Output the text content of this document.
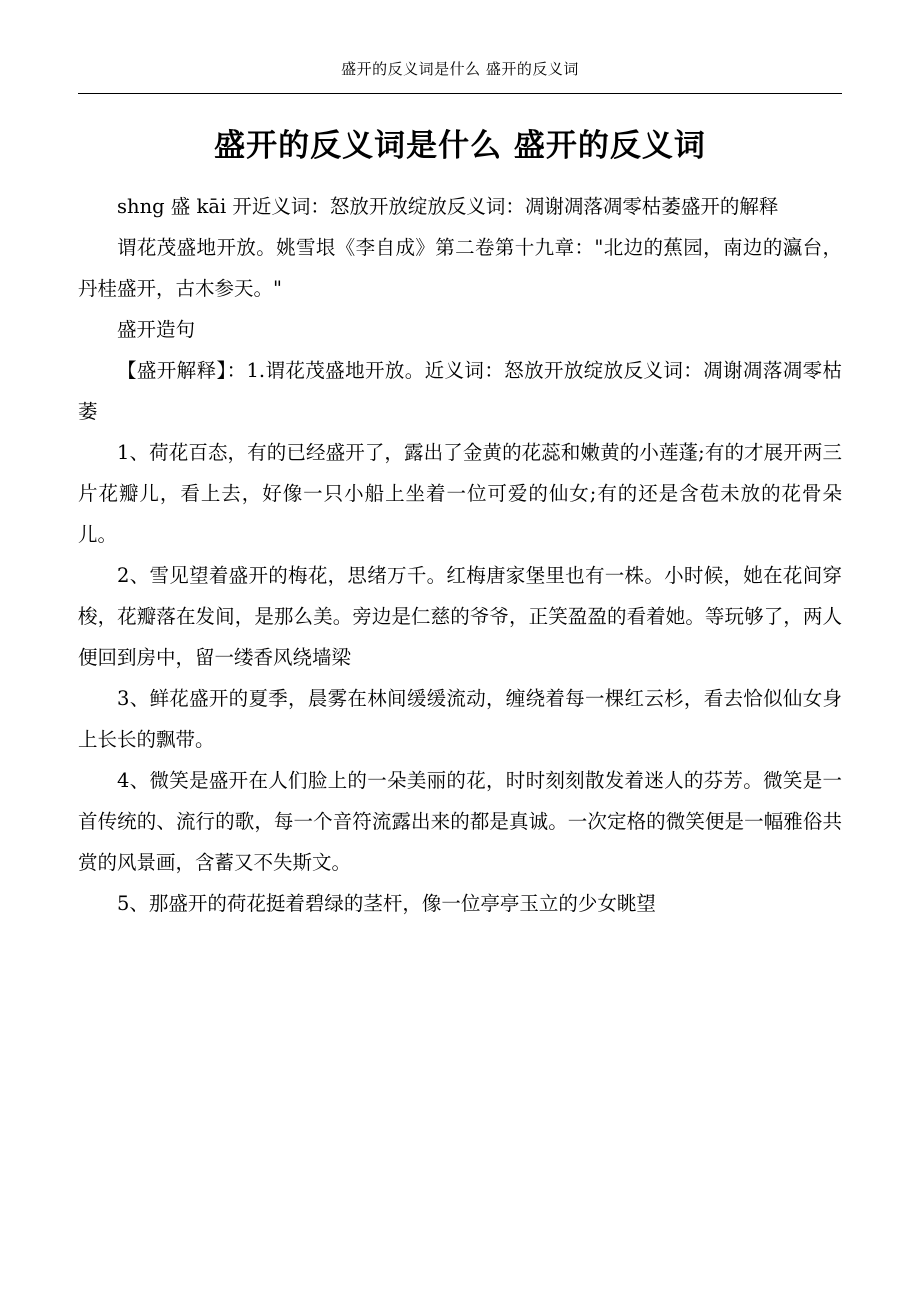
盛开的反义词是什么 盛开的反义词
盛开的反义词是什么 盛开的反义词

shng 盛 kāi 开近义词：怒放开放绽放反义词：凋谢凋落凋零枯萎盛开的解释

谓花茂盛地开放。姚雪垠《李自成》第二卷第十九章："北边的蕉园，南边的瀛台，丹桂盛开，古木参天。"

盛开造句

【盛开解释】：1.谓花茂盛地开放。近义词：怒放开放绽放反义词：凋谢凋落凋零枯萎

1、荷花百态，有的已经盛开了，露出了金黄的花蕊和嫩黄的小莲蓬;有的才展开两三片花瓣儿，看上去，好像一只小船上坐着一位可爱的仙女;有的还是含苞未放的花骨朵儿。

2、雪见望着盛开的梅花，思绪万千。红梅唐家堡里也有一株。小时候，她在花间穿梭，花瓣落在发间，是那么美。旁边是仁慈的爷爷，正笑盈盈的看着她。等玩够了，两人便回到房中，留一缕香风绕墙梁

3、鲜花盛开的夏季，晨雾在林间缓缓流动，缠绕着每一棵红云杉，看去恰似仙女身上长长的飘带。

4、微笑是盛开在人们脸上的一朵美丽的花，时时刻刻散发着迷人的芬芳。微笑是一首传统的、流行的歌，每一个音符流露出来的都是真诚。一次定格的微笑便是一幅雅俗共赏的风景画，含蓄又不失斯文。

5、那盛开的荷花挺着碧绿的茎杆，像一位亭亭玉立的少女眺望
